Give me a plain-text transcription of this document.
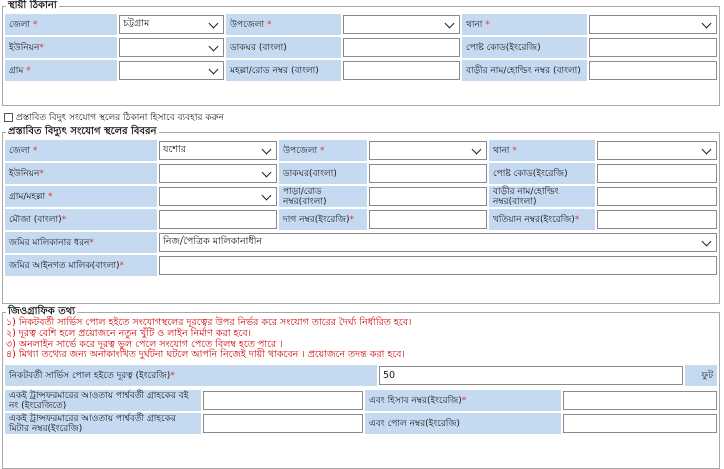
স্থায়ী ঠিকানা
জেলা *	চট্টগ্রাম	উপজেলা *		থানা *	

ইউনিয়ন*		ডাকঘর (বাংলা)		পোষ্ট কোড(ইংরেজি)	

গ্রাম *		মহল্লা/রোড নম্বর (বাংলা)		বাড়ীর নাম/হোল্ডিং নম্বর (বাংলা)	
প্রস্তাবিত বিদুৎ সংযোগ স্থলের ঠিকানা হিসাবে ব্যবহার করুন
প্রস্তাবিত বিদ্যুৎ সংযোগ স্থলের বিবরন
জেলা *	যশোর	উপজেলা *		থানা *	

ইউনিয়ন*		ডাকঘর(বাংলা)		পোষ্ট কোড(ইংরেজি)	

গ্রাম/মহল্লা *		পাড়া/রোড নম্বর(বাংলা)		বাড়ীর নাম/হোল্ডিং নম্বর(বাংলা)	

মৌজা (বাংলা)*		দাগ নম্বর(ইংরেজি)*		খতিয়ান নম্বর(ইংরেজি)*	

জমির মালিকানার ধরন*	নিজ/পৈত্রিক মালিকানাধীন				

জমির আইনগত মালিক(বাংলা)*					
জিওগ্রাফিক তথ্য
১) নিকটবর্তী সার্ভিস পোল হইতে সংযোগস্থলের দূরত্বের উপর নির্ভর করে সংযোগ তারের দৈর্ঘ্য নির্ধারিত হবে।
২) দূরত্ব বেশি হলে প্রয়োজনে নতুন খুঁটি ও লাইন নির্মাণ করা হবে।
৩) অনলাইন সার্ভে করে দূরত্ব ভুল পেলে সংযোগ পেতে বিলম্ব হতে পারে ।
৪) মিথ্যা তথ্যের জন্য অনাকাংখিত দুর্ঘটনা ঘটলে আপনি নিজেই দায়ী থাকবেন । প্রয়োজনে তদন্ত করা হবে।
নিকটবর্তী সার্ভিস পোল হইতে দূরত্ব (ইংরেজি)*	50	ফুট
একই ট্রান্সফরমারের আওতায় পার্শ্ববর্তী গ্রাহকের বই নং (ইংরেজিতে)		এবং হিসাব নম্বর(ইংরেজি)*	

একই ট্রান্সফরমারের আওতায় পার্শ্ববর্তী গ্রাহকের মিটার নম্বর(ইংরেজি)		এবং পোল নম্বর(ইংরেজি)	
